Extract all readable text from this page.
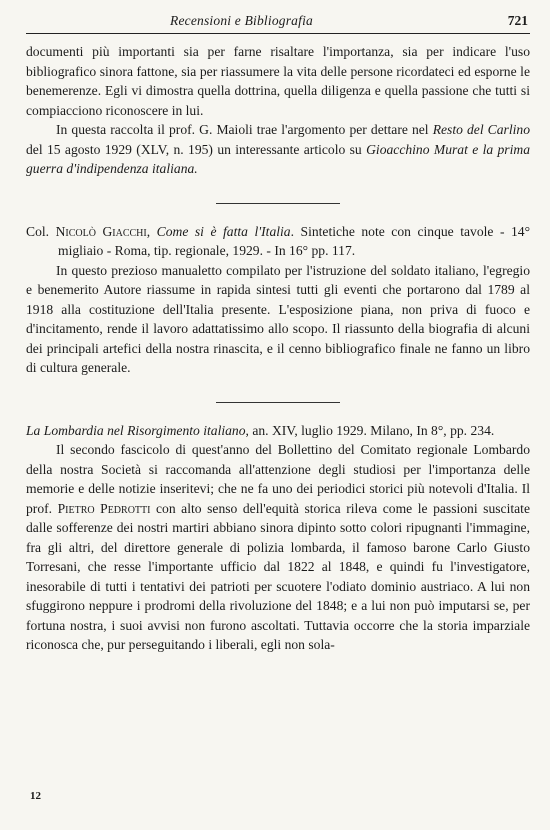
Recensioni e Bibliografia	721

documenti più importanti sia per farne risaltare l'importanza, sia per indicare l'uso bibliografico sinora fattone, sia per riassumere la vita delle persone ricordateci ed esporne le benemerenze. Egli vi dimostra quella dottrina, quella diligenza e quella passione che tutti si compiacciono riconoscere in lui.

In questa raccolta il prof. G. Maioli trae l'argomento per dettare nel Resto del Carlino del 15 agosto 1929 (XLV, n. 195) un interessante articolo su Gioacchino Murat e la prima guerra d'indipendenza italiana.

Col. Nicolò Giacchi, Come si è fatta l'Italia. Sintetiche note con cinque tavole - 14° migliaio - Roma, tip. regionale, 1929. - In 16° pp. 117.

In questo prezioso manualetto compilato per l'istruzione del soldato italiano, l'egregio e benemerito Autore riassume in rapida sintesi tutti gli eventi che portarono dal 1789 al 1918 alla costituzione dell'Italia presente. L'esposizione piana, non priva di fuoco e d'incitamento, rende il lavoro adattatissimo allo scopo. Il riassunto della biografia di alcuni dei principali artefici della nostra rinascita, e il cenno bibliografico finale ne fanno un libro di cultura generale.

La Lombardia nel Risorgimento italiano, an. XIV, luglio 1929. Milano, In 8°, pp. 234.

Il secondo fascicolo di quest'anno del Bollettino del Comitato regionale Lombardo della nostra Società si raccomanda all'attenzione degli studiosi per l'importanza delle memorie e delle notizie inseritevi; che ne fa uno dei periodici storici più notevoli d'Italia. Il prof. Pietro Pedrotti con alto senso dell'equità storica rileva come le passioni suscitate dalle sofferenze dei nostri martiri abbiano sinora dipinto sotto colori ripugnanti l'immagine, fra gli altri, del direttore generale di polizia lombarda, il famoso barone Carlo Giusto Torresani, che resse l'importante ufficio dal 1822 al 1848, e quindi fu l'investigatore, inesorabile di tutti i tentativi dei patrioti per scuotere l'odiato dominio austriaco. A lui non sfuggirono neppure i prodromi della rivoluzione del 1848; e a lui non può imputarsi se, per fortuna nostra, i suoi avvisi non furono ascoltati. Tuttavia occorre che la storia imparziale riconosca che, pur perseguitando i liberali, egli non sola-

12
